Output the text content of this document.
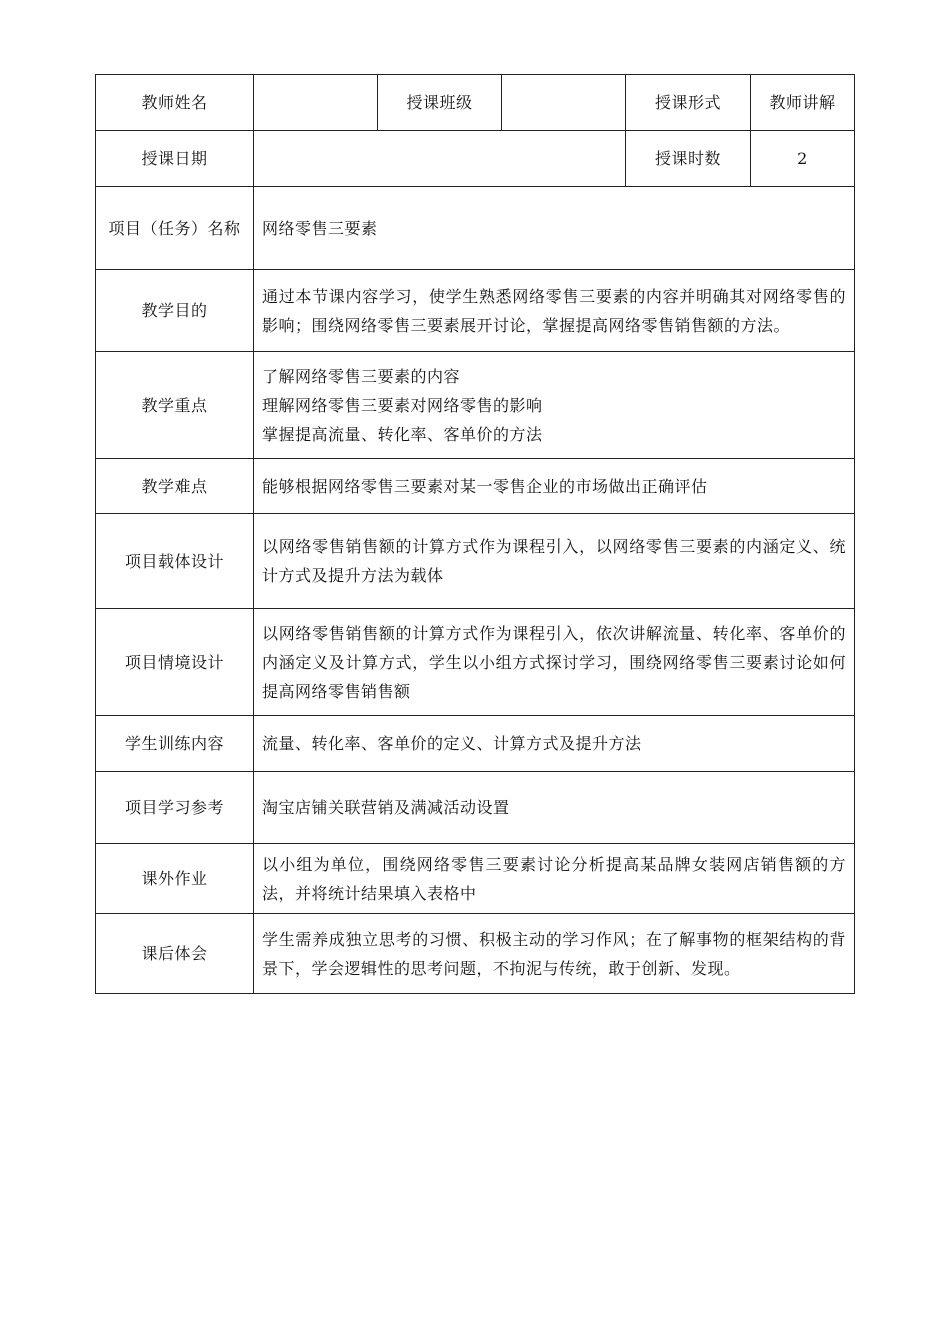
教师姓名		授课班级		授课形式	教师讲解
授课日期				授课时数	2
项目（任务）名称	网络零售三要素				
教学目的	通过本节课内容学习，使学生熟悉网络零售三要素的内容并明确其对网络零售的影响；围绕网络零售三要素展开讨论，掌握提高网络零售销售额的方法。				
教学重点	了解网络零售三要素的内容
理解网络零售三要素对网络零售的影响
掌握提高流量、转化率、客单价的方法				

教学难点	能够根据网络零售三要素对某一零售企业的市场做出正确评估				
项目载体设计	以网络零售销售额的计算方式作为课程引入，以网络零售三要素的内涵定义、统计方式及提升方法为载体				
项目情境设计	以网络零售销售额的计算方式作为课程引入，依次讲解流量、转化率、客单价的内涵定义及计算方式，学生以小组方式探讨学习，围绕网络零售三要素讨论如何提高网络零售销售额				
学生训练内容	流量、转化率、客单价的定义、计算方式及提升方法				
项目学习参考	淘宝店铺关联营销及满减活动设置				
课外作业	以小组为单位，围绕网络零售三要素讨论分析提高某品牌女装网店销售额的方法，并将统计结果填入表格中				
课后体会	学生需养成独立思考的习惯、积极主动的学习作风；在了解事物的框架结构的背景下，学会逻辑性的思考问题，不拘泥与传统，敢于创新、发现。				
